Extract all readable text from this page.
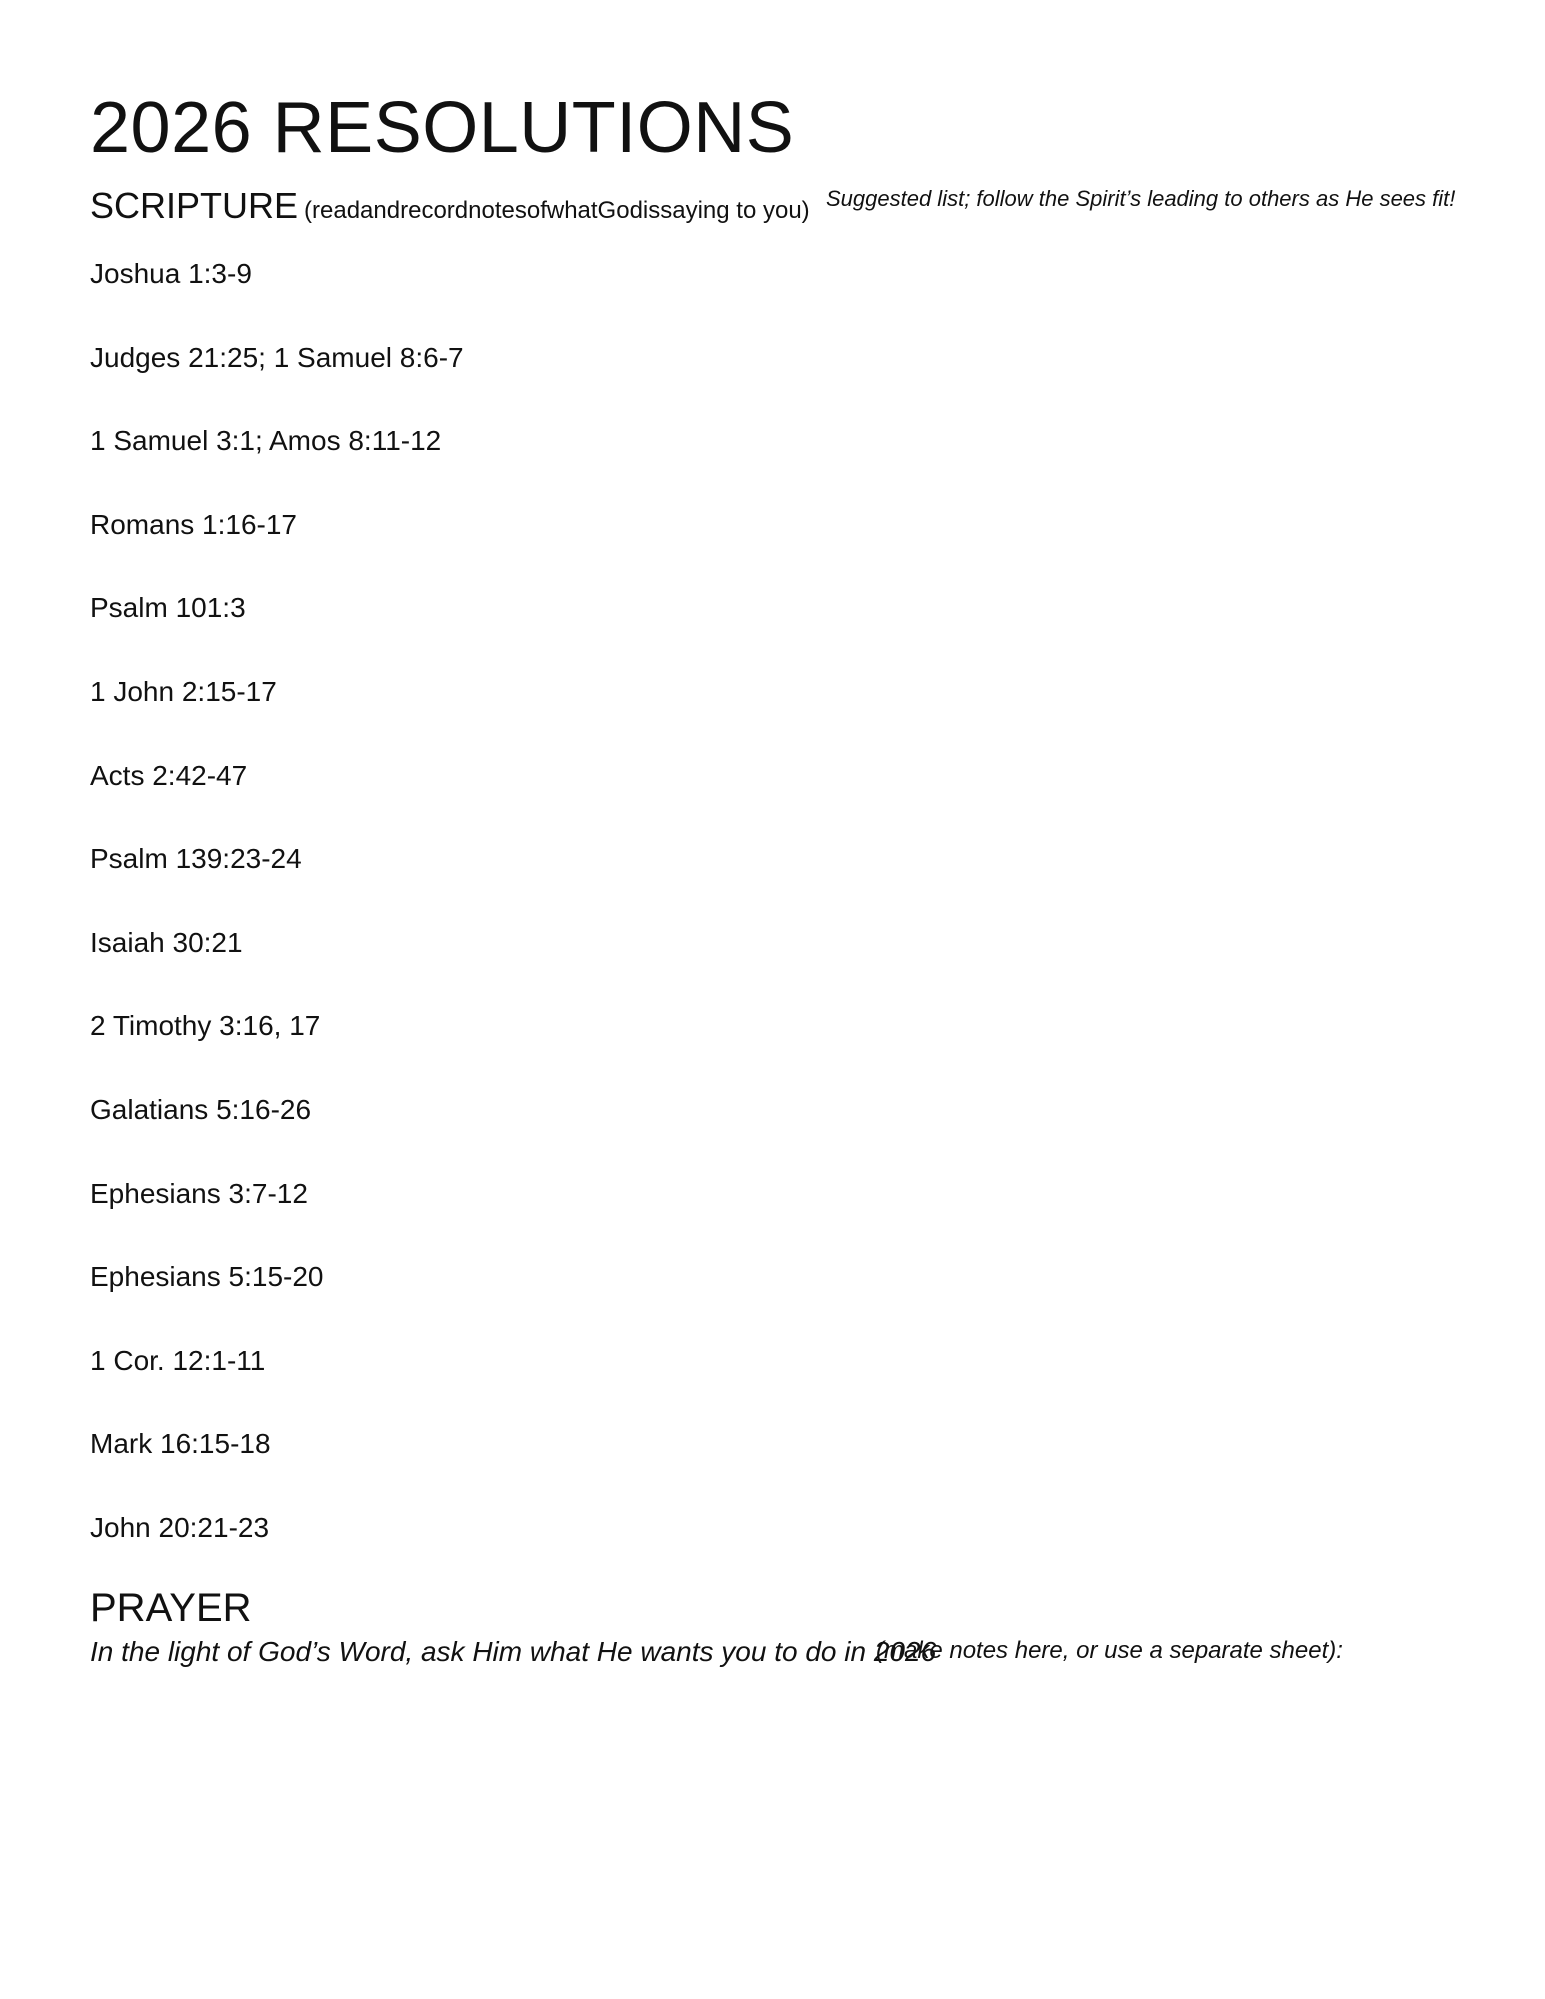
2026 RESOLUTIONS
SCRIPTURE (readandrecordnotesofwhatGodissaying to you) Suggested list; follow the Spirit’s leading to others as He sees fit!
Joshua 1:3-9
Judges 21:25; 1 Samuel 8:6-7
1 Samuel 3:1; Amos 8:11-12
Romans 1:16-17
Psalm 101:3
1 John 2:15-17
Acts 2:42-47
Psalm 139:23-24
Isaiah 30:21
2 Timothy 3:16, 17
Galatians 5:16-26
Ephesians 3:7-12
Ephesians 5:15-20
1 Cor. 12:1-11
Mark 16:15-18
John 20:21-23
PRAYER
In the light of God’s Word, ask Him what He wants you to do in 2026
(make notes here, or use a separate sheet):
